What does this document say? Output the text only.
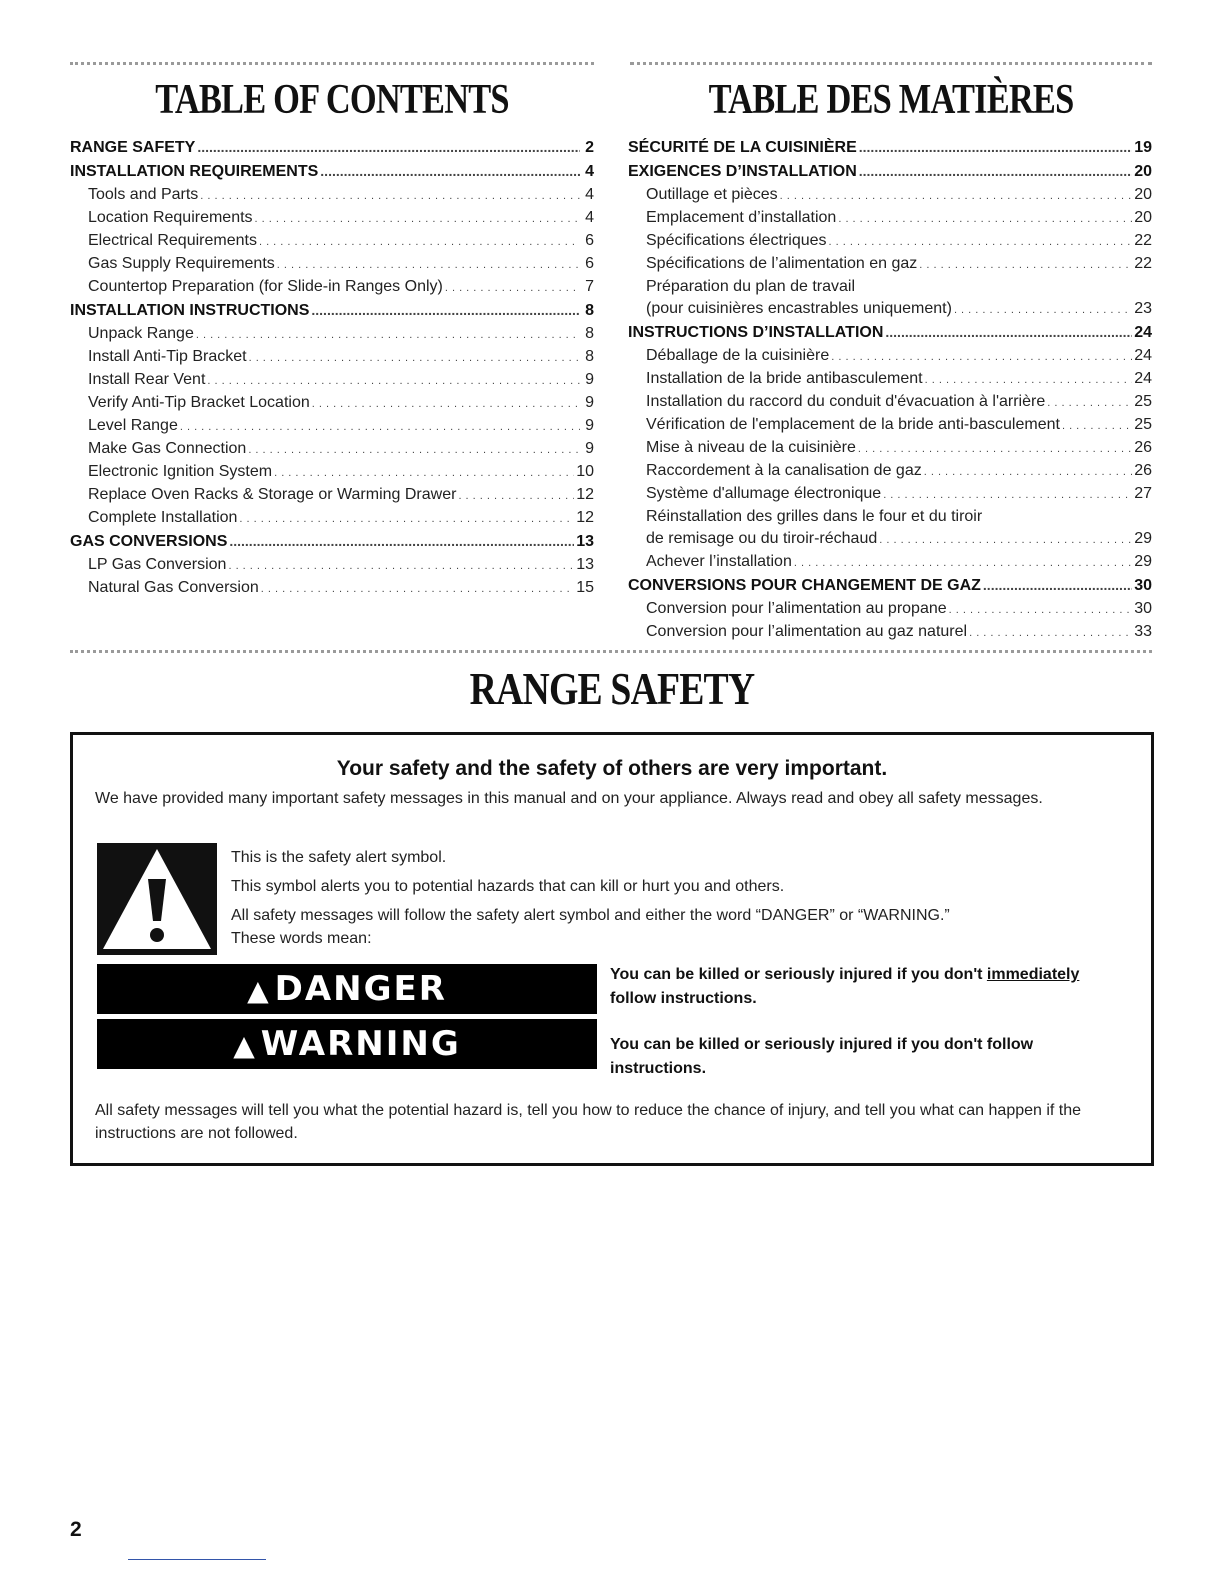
TABLE OF CONTENTS
RANGE SAFETY .....	2
INSTALLATION REQUIREMENTS .....	4
Tools and Parts . . .	4
Location Requirements . . .	4
Electrical Requirements . . .	6
Gas Supply Requirements . . .	6
Countertop Preparation (for Slide-in Ranges Only) . . .	7
INSTALLATION INSTRUCTIONS .....	8
Unpack Range . . .	8
Install Anti-Tip Bracket . . .	8
Install Rear Vent . . .	9
Verify Anti-Tip Bracket Location . . .	9
Level Range . . .	9
Make Gas Connection . . .	9
Electronic Ignition System . . .	10
Replace Oven Racks & Storage or Warming Drawer . . .	12
Complete Installation . . .	12
GAS CONVERSIONS .....	13
LP Gas Conversion . . .	13
Natural Gas Conversion . . .	15
TABLE DES MATIÈRES
SÉCURITÉ DE LA CUISINIÈRE .....	19
EXIGENCES D’INSTALLATION .....	20
Outillage et pièces . . .	20
Emplacement d’installation . . .	20
Spécifications électriques . . .	22
Spécifications de l’alimentation en gaz . . .	22
Préparation du plan de travail
(pour cuisinières encastrables uniquement) . . .	23
INSTRUCTIONS D’INSTALLATION .....	24
Déballage de la cuisinière . . .	24
Installation de la bride antibasculement . . .	24
Installation du raccord du conduit d'évacuation à l'arrière . . .	25
Vérification de l'emplacement de la bride anti-basculement . . .	25
Mise à niveau de la cuisinière . . .	26
Raccordement à la canalisation de gaz . . .	26
Système d'allumage électronique . . .	27
Réinstallation des grilles dans le four et du tiroir
de remisage ou du tiroir-réchaud . . .	29
Achever l’installation . . .	29
CONVERSIONS POUR CHANGEMENT DE GAZ .....	30
Conversion pour l’alimentation au propane . . .	30
Conversion pour l’alimentation au gaz naturel . . .	33
RANGE SAFETY

Your safety and the safety of others are very important.

We have provided many important safety messages in this manual and on your appliance. Always read and obey all safety messages.

This is the safety alert symbol.

This symbol alerts you to potential hazards that can kill or hurt you and others.

All safety messages will follow the safety alert symbol and either the word “DANGER” or “WARNING.”

These words mean:

▲ DANGER	You can be killed or seriously injured if you don't immediately
follow instructions.

▲ WARNING	You can be killed or seriously injured if you don't follow instructions.

All safety messages will tell you what the potential hazard is, tell you how to reduce the chance of injury, and tell you what can happen if the instructions are not followed.

2
